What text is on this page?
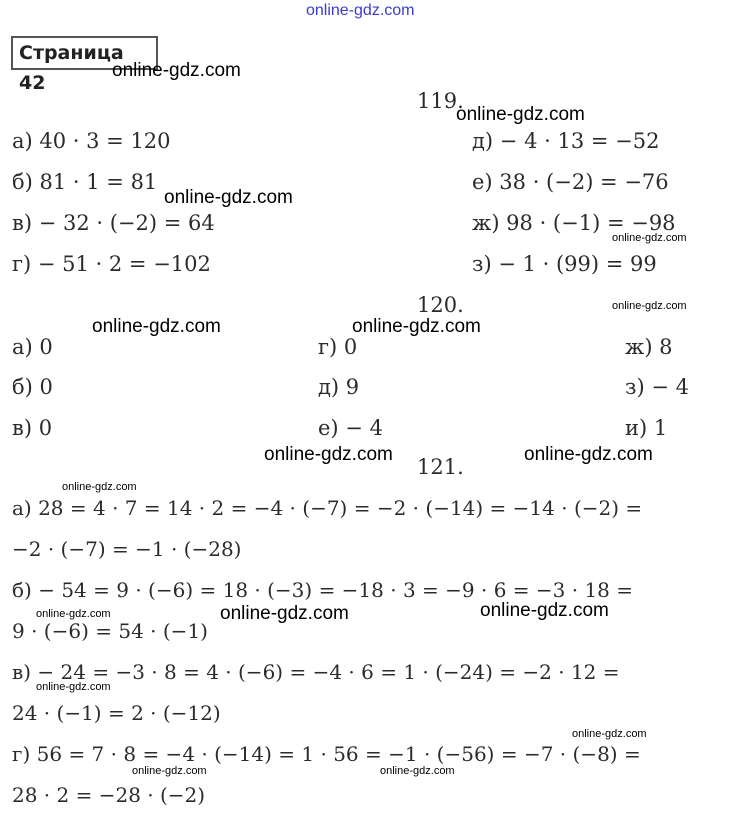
online-gdz.com
Страница 42
119.
а) 40 · 3 = 120
б) 81 · 1 = 81
в) − 32 · (−2) = 64
г) − 51 · 2 = −102
д) − 4 · 13 = −52
е) 38 · (−2) = −76
ж) 98 · (−1) = −98
з) − 1 · (99) = 99
120.
а) 0
б) 0
в) 0
г) 0
д) 9
е) − 4
ж) 8
з) − 4
и) 1
121.
а) 28 = 4 · 7 = 14 · 2 = −4 · (−7) = −2 · (−14) = −14 · (−2) =
−2 · (−7) = −1 · (−28)
б) − 54 = 9 · (−6) = 18 · (−3) = −18 · 3 = −9 · 6 = −3 · 18 =
9 · (−6) = 54 · (−1)
в) − 24 = −3 · 8 = 4 · (−6) = −4 · 6 = 1 · (−24) = −2 · 12 =
24 · (−1) = 2 · (−12)
г) 56 = 7 · 8 = −4 · (−14) = 1 · 56 = −1 · (−56) = −7 · (−8) =
28 · 2 = −28 · (−2)
online-gdz.com
online-gdz.com
online-gdz.com
online-gdz.com
online-gdz.com
online-gdz.com	online-gdz.com
online-gdz.com	online-gdz.com
online-gdz.com
online-gdz.com	online-gdz.com	online-gdz.com
online-gdz.com
online-gdz.com
online-gdz.com	online-gdz.com
